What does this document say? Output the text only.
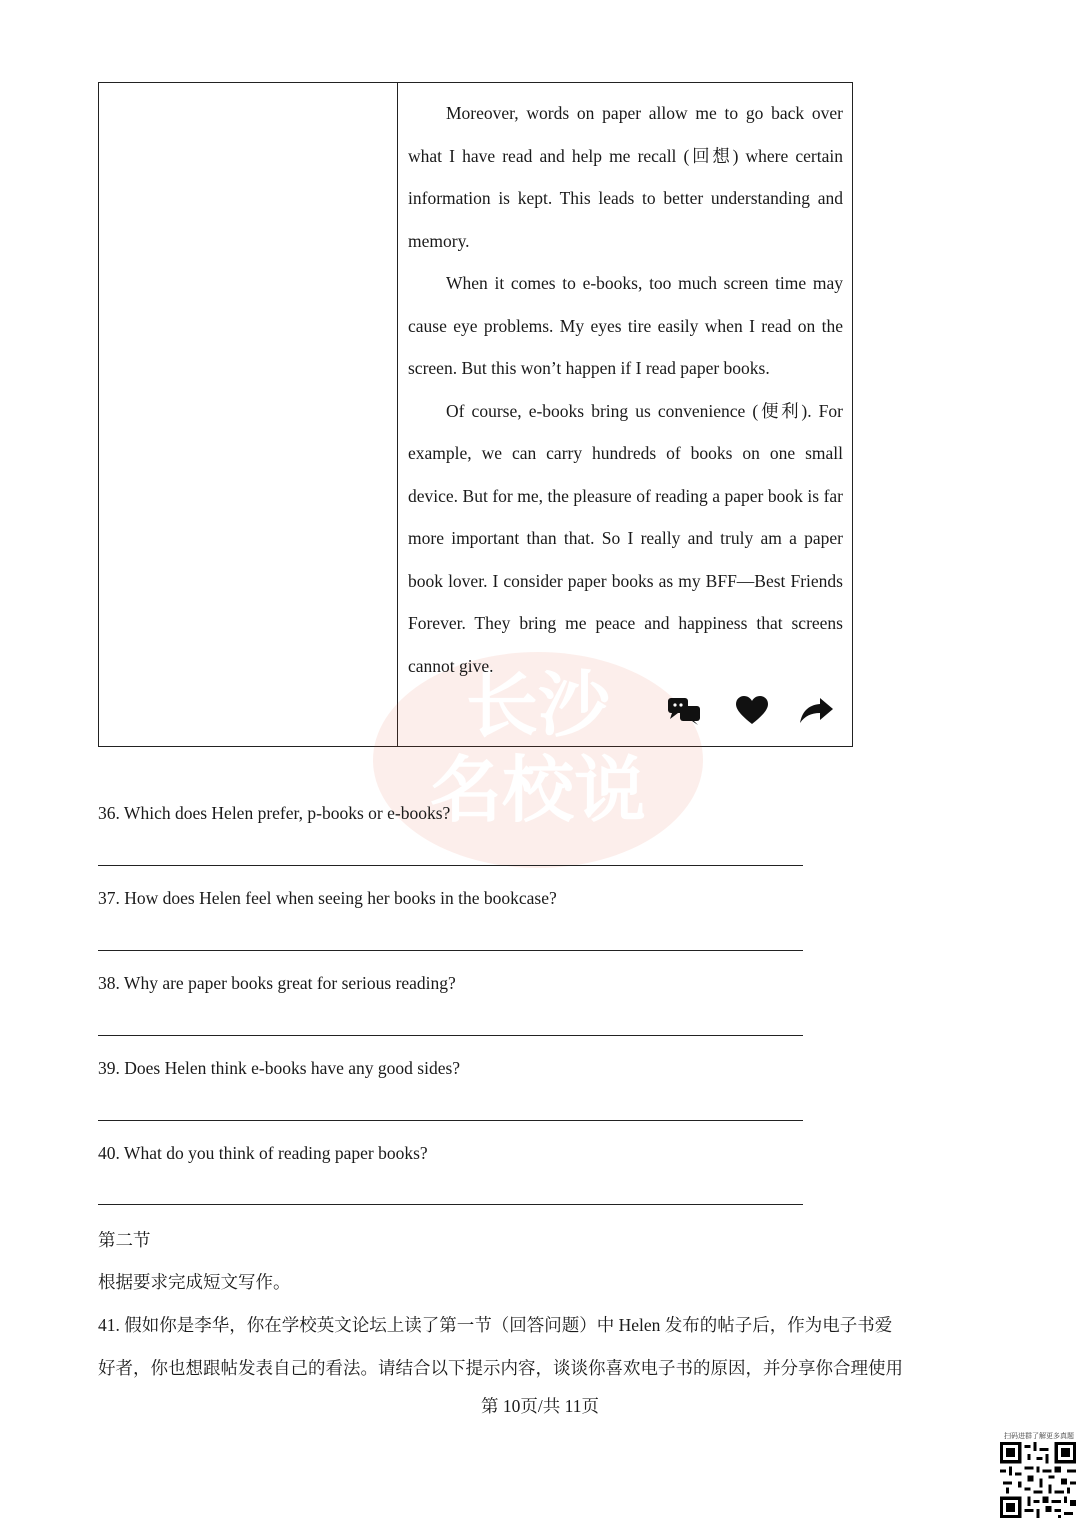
长沙
名校说

Moreover, words on paper allow me to go back over what I have read and help me recall (回想) where certain information is kept. This leads to better understanding and memory.

When it comes to e-books, too much screen time may cause eye problems. My eyes tire easily when I read on the screen. But this won’t happen if I read paper books.

Of course, e-books bring us convenience (便利). For example, we can carry hundreds of books on one small device. But for me, the pleasure of reading a paper book is far more important than that. So I really and truly am a paper book lover. I consider paper books as my BFF—Best Friends Forever. They bring me peace and happiness that screens cannot give.

36. Which does Helen prefer, p-books or e-books?
37. How does Helen feel when seeing her books in the bookcase?
38. Why are paper books great for serious reading?
39. Does Helen think e-books have any good sides?
40. What do you think of reading paper books?
第二节
根据要求完成短文写作。
41. 假如你是李华，你在学校英文论坛上读了第一节（回答问题）中 Helen 发布的帖子后，作为电子书爱
好者，你也想跟帖发表自己的看法。请结合以下提示内容，谈谈你喜欢电子书的原因，并分享你合理使用
第 10页/共 11页
扫码进群了解更多真题
